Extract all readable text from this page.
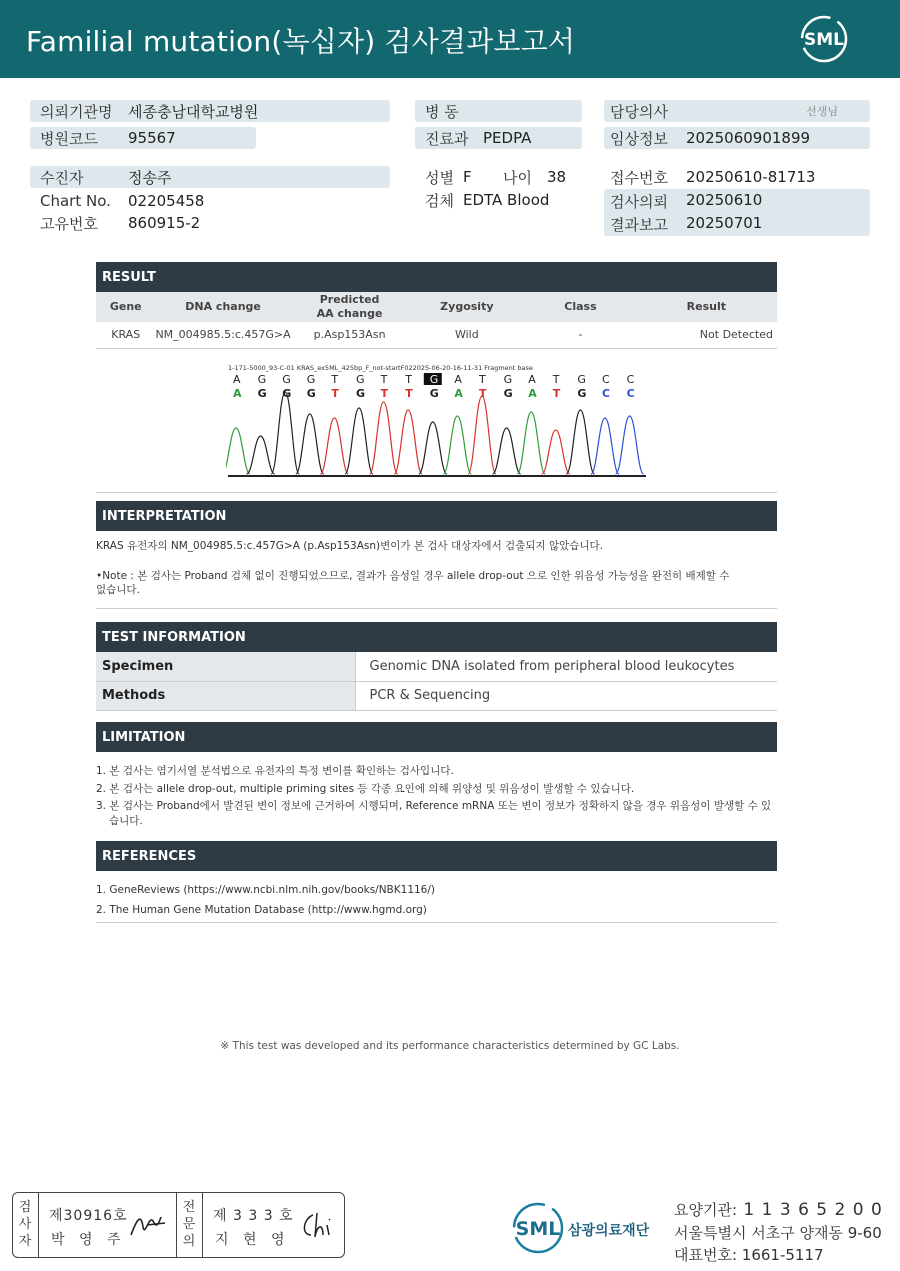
Familial mutation(녹십자) 검사결과보고서	SML
의뢰기관명 세종충남대학교병원
병원코드 95567
병 동
진료과 PEDPA
담당의사	선생님
임상정보 2025060901899
수진자	정송주
Chart No. 02205458
고유번호 860915-2
성별 F 나이 38
검체 EDTA Blood
접수번호 20250610-81713
검사의뢰 20250610
결과보고 20250701
RESULT
Gene	DNA change	Predicted AA change	Zygosity	Class	Result
KRAS	NM_004985.5:c.457G>A	p.Asp153Asn	Wild	-	Not Detected
1-171-5000_93-C-01 KRAS_ex5ML_425bp_F_not-startF022025-06-20-16-11-31 Fragment base
A G G G T G T T G A T G A T G C C
A G G G T G T T G A T G A T G C C
INTERPRETATION
KRAS 유전자의 NM_004985.5:c.457G>A (p.Asp153Asn)변이가 본 검사 대상자에서 검출되지 않았습니다.
•Note : 본 검사는 Proband 검체 없이 진행되었으므로, 결과가 음성일 경우 allele drop-out 으로 인한 위음성 가능성을 완전히 배제할 수
없습니다.
TEST INFORMATION
Specimen	Genomic DNA isolated from peripheral blood leukocytes
Methods	PCR & Sequencing
LIMITATION
1. 본 검사는 염기서열 분석법으로 유전자의 특정 변이를 확인하는 검사입니다.
2. 본 검사는 allele drop-out, multiple priming sites 등 각종 요인에 의해 위양성 및 위음성이 발생할 수 있습니다.
3. 본 검사는 Proband에서 발견된 변이 정보에 근거하여 시행되며, Reference mRNA 또는 변이 정보가 정확하지 않을 경우 위음성이 발생할 수 있
습니다.
REFERENCES
1. GeneReviews (https://www.ncbi.nlm.nih.gov/books/NBK1116/)
2. The Human Gene Mutation Database (http://www.hgmd.org)
※ This test was developed and its performance characteristics determined by GC Labs.
검
사
자
제30916호
박 영 주
전
문
의
제 3 3 3 호
지 현 영	SML 삼광의료재단
요양기관: 1 1 3 6 5 2 0 0
서울특별시 서초구 양재동 9-60
대표번호: 1661-5117
